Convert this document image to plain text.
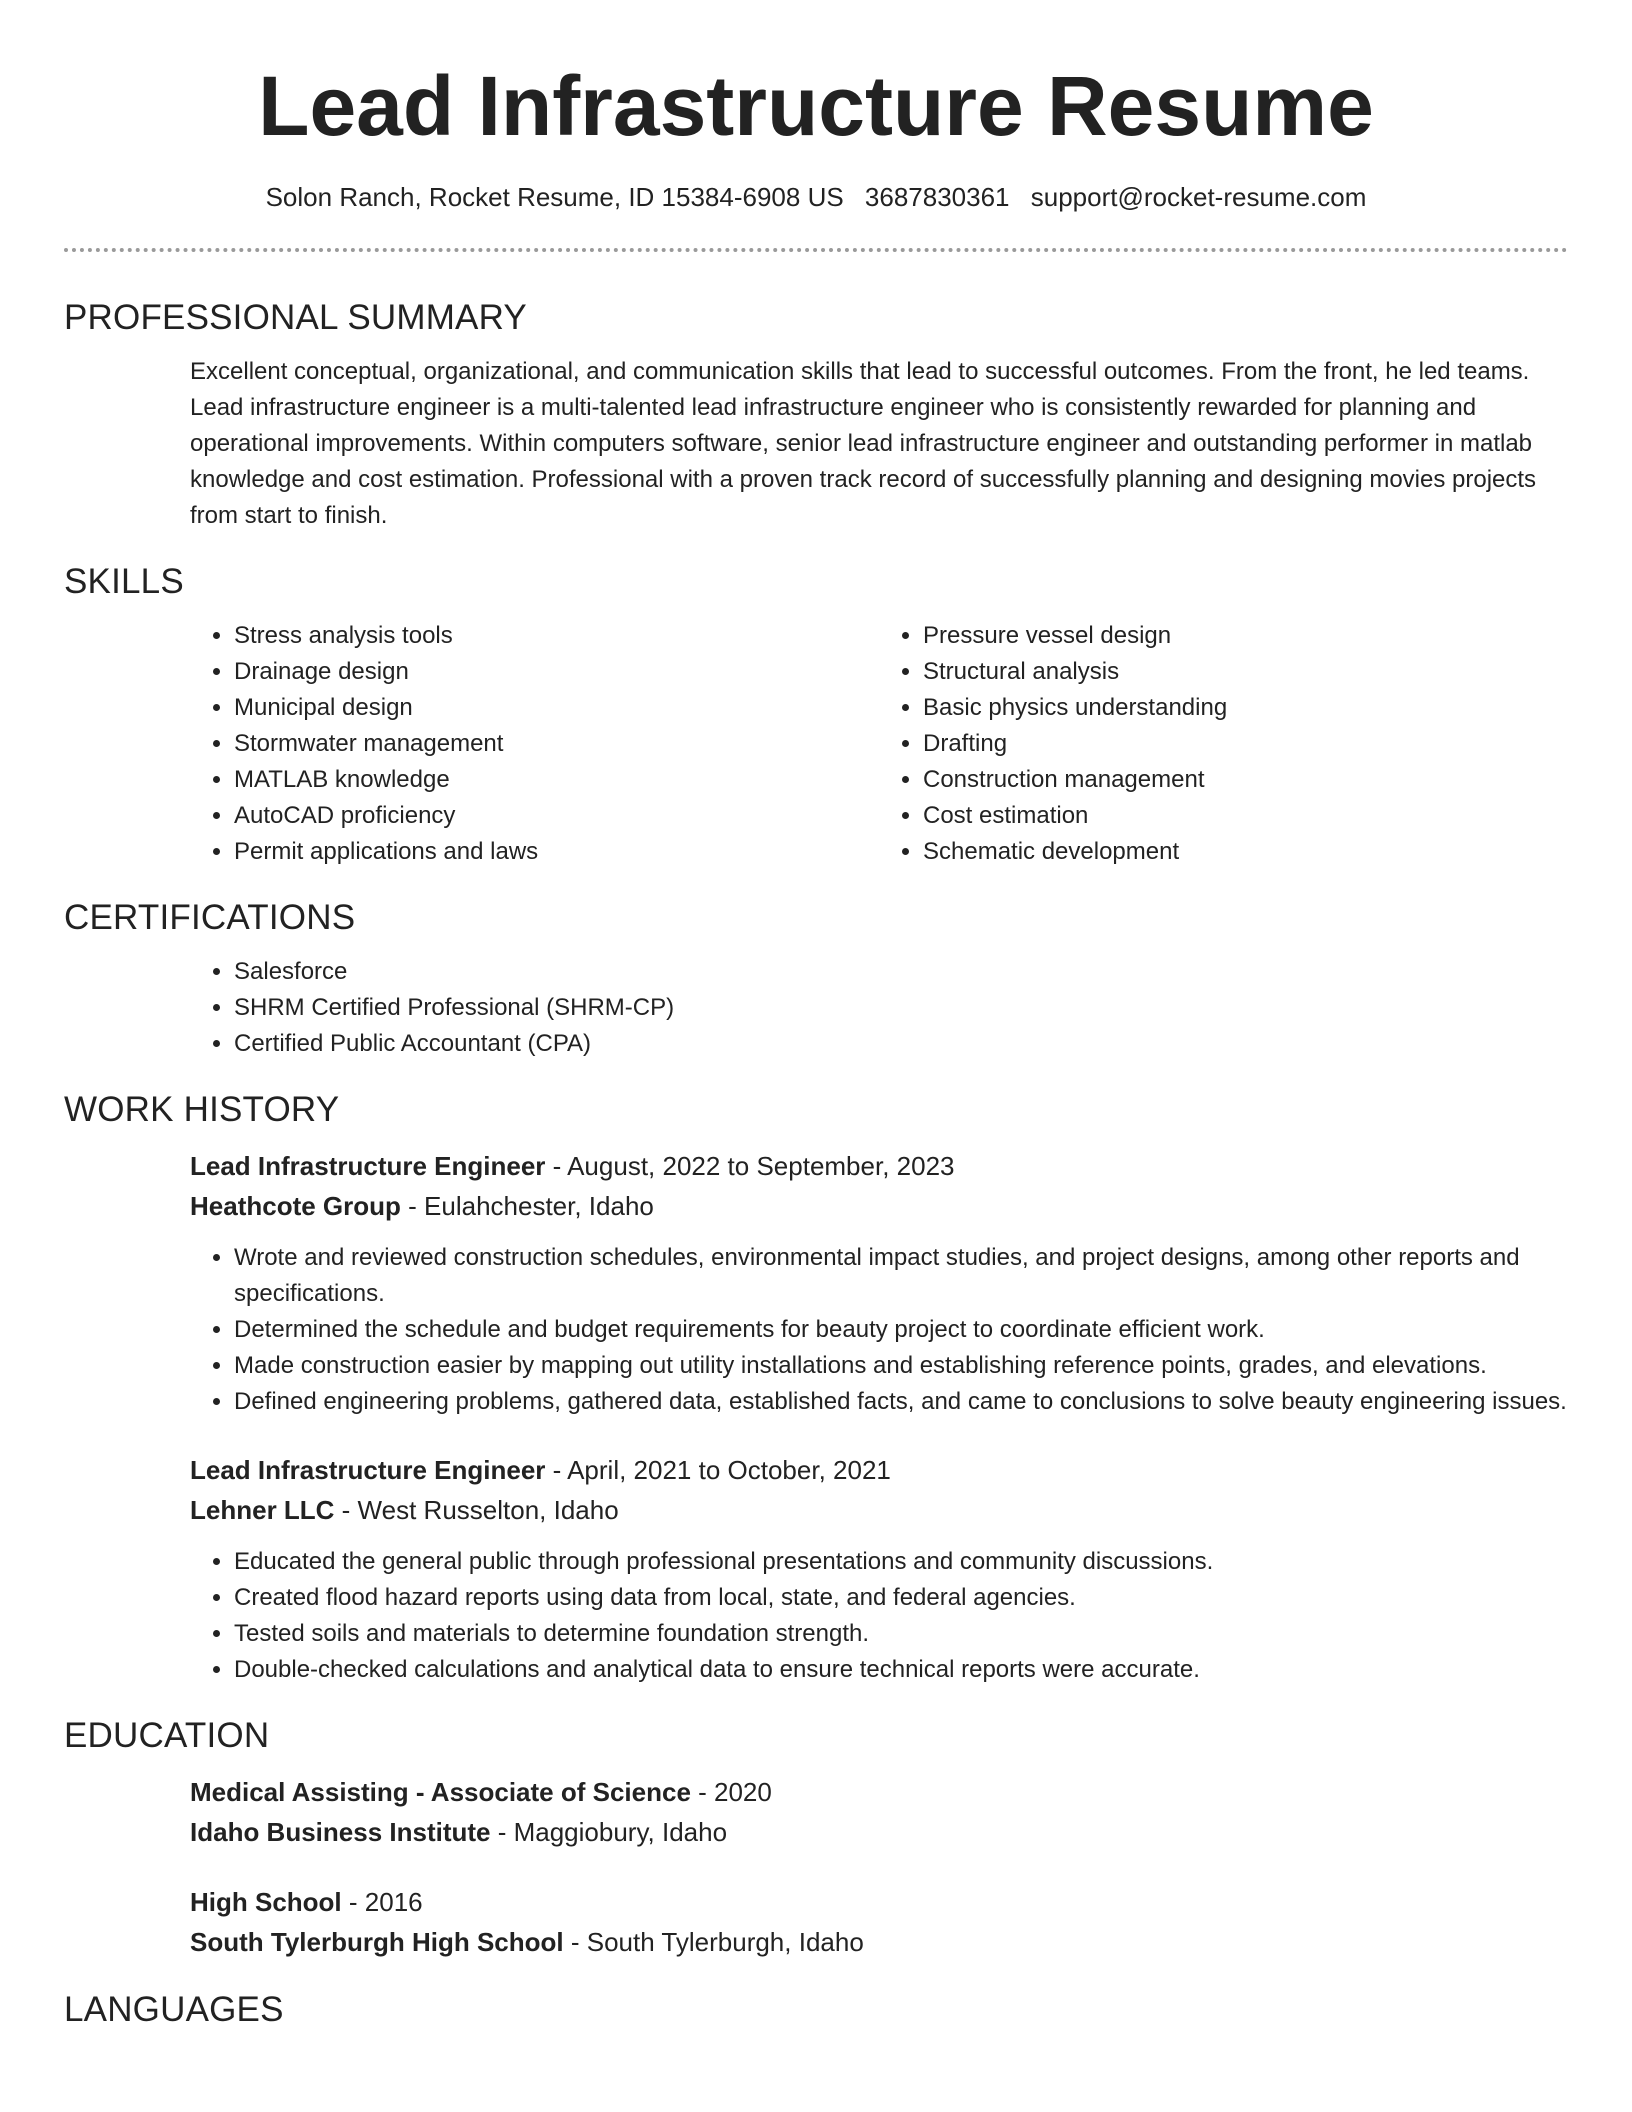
Lead Infrastructure Resume
Solon Ranch, Rocket Resume, ID 15384-6908 US 3687830361 support@rocket-resume.com
PROFESSIONAL SUMMARY

Excellent conceptual, organizational, and communication skills that lead to successful outcomes. From the front, he led teams. Lead infrastructure engineer is a multi-talented lead infrastructure engineer who is consistently rewarded for planning and operational improvements. Within computers software, senior lead infrastructure engineer and outstanding performer in matlab knowledge and cost estimation. Professional with a proven track record of successfully planning and designing movies projects from start to finish.

SKILLS
• Stress analysis tools
• Drainage design
• Municipal design
• Stormwater management
• MATLAB knowledge
• AutoCAD proficiency
• Permit applications and laws
• Pressure vessel design
• Structural analysis
• Basic physics understanding
• Drafting
• Construction management
• Cost estimation
• Schematic development
CERTIFICATIONS
• Salesforce
• SHRM Certified Professional (SHRM-CP)
• Certified Public Accountant (CPA)
WORK HISTORY

Lead Infrastructure Engineer - August, 2022 to September, 2023

Heathcote Group - Eulahchester, Idaho

• Wrote and reviewed construction schedules, environmental impact studies, and project designs, among other reports and specifications.
• Determined the schedule and budget requirements for beauty project to coordinate efficient work.
• Made construction easier by mapping out utility installations and establishing reference points, grades, and elevations.
• Defined engineering problems, gathered data, established facts, and came to conclusions to solve beauty engineering issues.

Lead Infrastructure Engineer - April, 2021 to October, 2021

Lehner LLC - West Russelton, Idaho

• Educated the general public through professional presentations and community discussions.
• Created flood hazard reports using data from local, state, and federal agencies.
• Tested soils and materials to determine foundation strength.
• Double-checked calculations and analytical data to ensure technical reports were accurate.
EDUCATION

Medical Assisting - Associate of Science - 2020

Idaho Business Institute - Maggiobury, Idaho

High School - 2016

South Tylerburgh High School - South Tylerburgh, Idaho

LANGUAGES
